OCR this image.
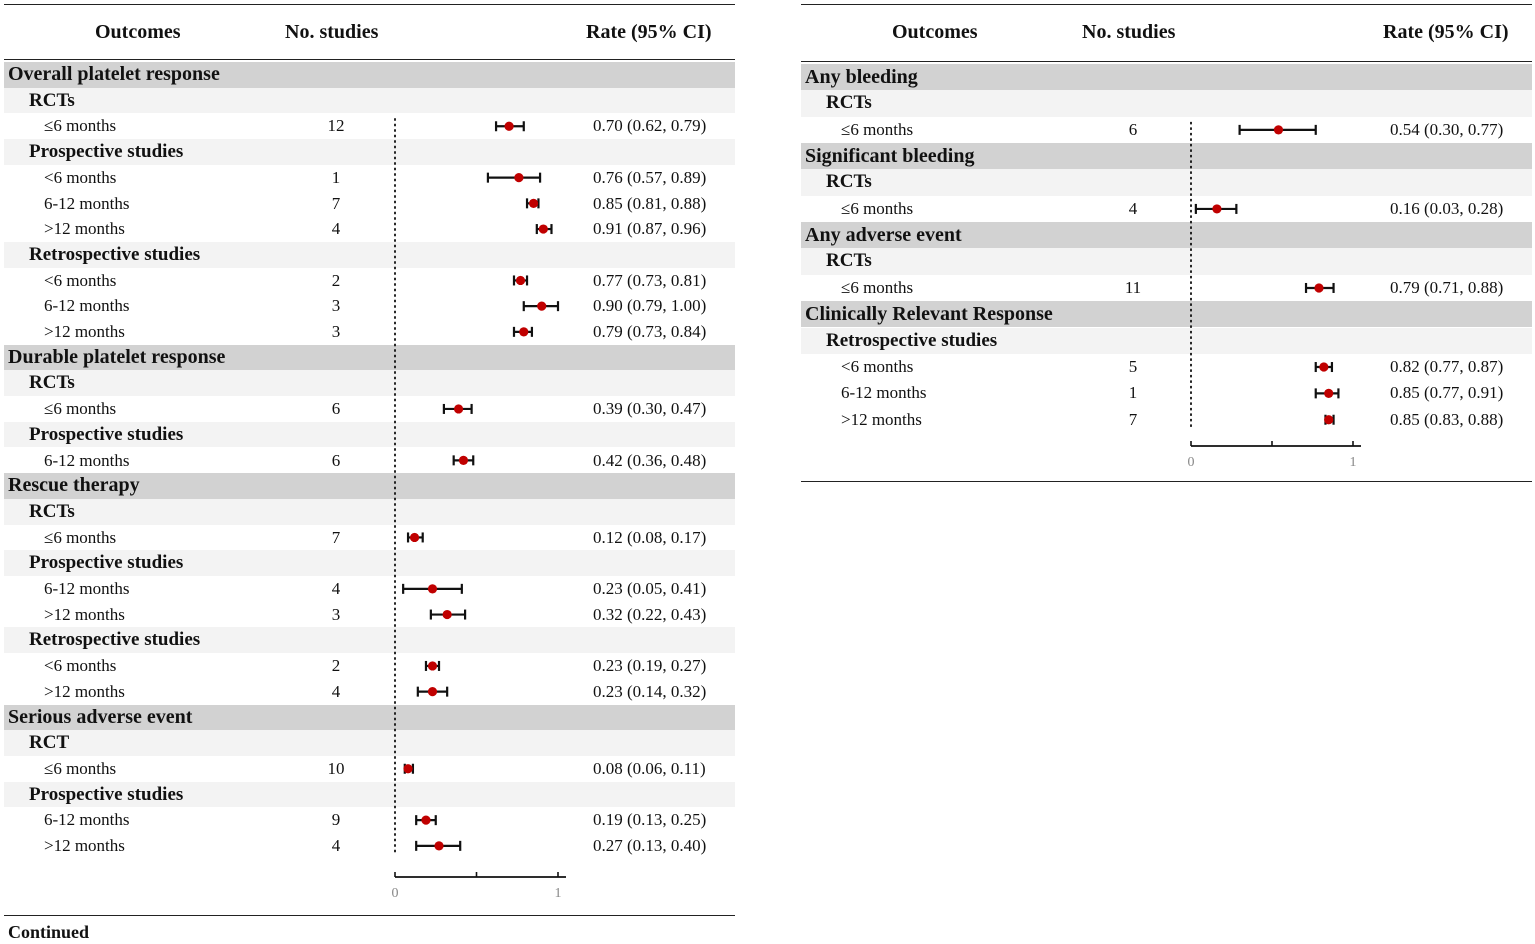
Outcomes	No. studies	Rate (95% CI)
Overall platelet response
RCTs
≤6 months	12	0.70 (0.62, 0.79)
Prospective studies
<6 months	1	0.76 (0.57, 0.89)
6-12 months	7	0.85 (0.81, 0.88)
>12 months	4	0.91 (0.87, 0.96)
Retrospective studies
<6 months	2	0.77 (0.73, 0.81)
6-12 months	3	0.90 (0.79, 1.00)
>12 months	3	0.79 (0.73, 0.84)
Durable platelet response
RCTs
≤6 months	6	0.39 (0.30, 0.47)
Prospective studies
6-12 months	6	0.42 (0.36, 0.48)
Rescue therapy
RCTs
≤6 months	7	0.12 (0.08, 0.17)
Prospective studies
6-12 months	4	0.23 (0.05, 0.41)
>12 months	3	0.32 (0.22, 0.43)
Retrospective studies
<6 months	2	0.23 (0.19, 0.27)
>12 months	4	0.23 (0.14, 0.32)
Serious adverse event
RCT
≤6 months	10	0.08 (0.06, 0.11)
Prospective studies
6-12 months	9	0.19 (0.13, 0.25)
>12 months	4	0.27 (0.13, 0.40)
0	1
Continued
Outcomes	No. studies	Rate (95% CI)
Any bleeding
RCTs
≤6 months	6	0.54 (0.30, 0.77)
Significant bleeding
RCTs
≤6 months	4	0.16 (0.03, 0.28)
Any adverse event
RCTs
≤6 months	11	0.79 (0.71, 0.88)
Clinically Relevant Response
Retrospective studies
<6 months	5	0.82 (0.77, 0.87)
6-12 months	1	0.85 (0.77, 0.91)
>12 months	7	0.85 (0.83, 0.88)
0	1
